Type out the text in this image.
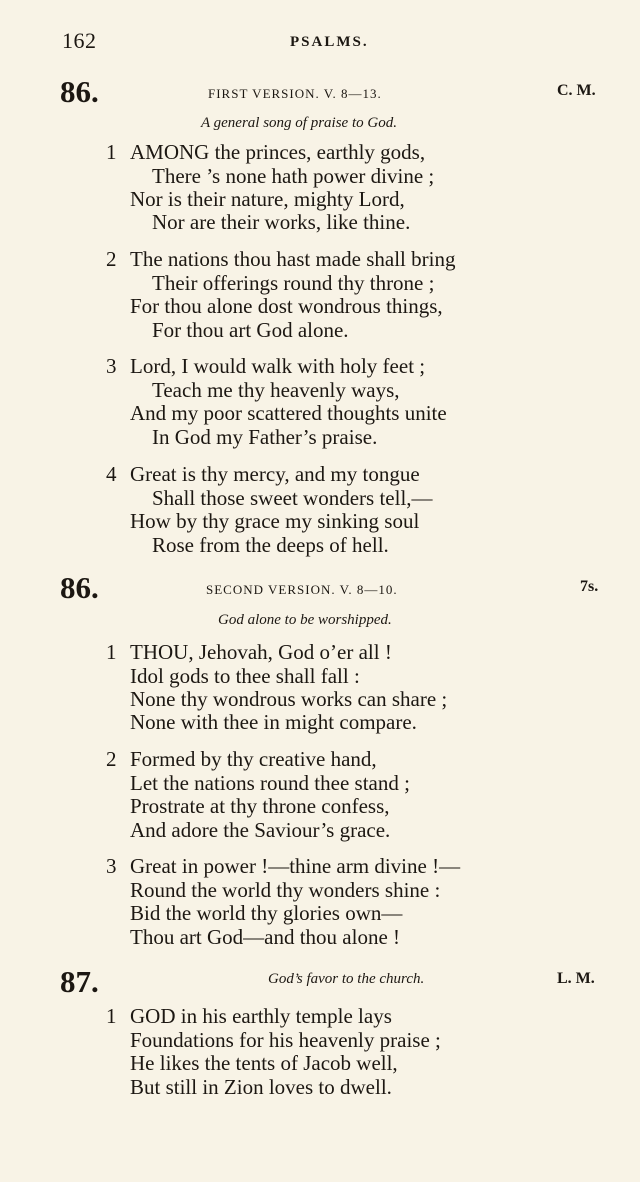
162	PSALMS.
86.	FIRST VERSION. V. 8—13.	C. M.
A general song of praise to God.
1 AMONG the princes, earthly gods,
There ’s none hath power divine ;
Nor is their nature, mighty Lord,
Nor are their works, like thine.
2 The nations thou hast made shall bring
Their offerings round thy throne ;
For thou alone dost wondrous things,
For thou art God alone.
3 Lord, I would walk with holy feet ;
Teach me thy heavenly ways,
And my poor scattered thoughts unite
In God my Father’s praise.
4 Great is thy mercy, and my tongue
Shall those sweet wonders tell,—
How by thy grace my sinking soul
Rose from the deeps of hell.
86.	SECOND VERSION. V. 8—10.	7s.
God alone to be worshipped.
1 THOU, Jehovah, God o’er all !
Idol gods to thee shall fall :
None thy wondrous works can share ;
None with thee in might compare.
2 Formed by thy creative hand,
Let the nations round thee stand ;
Prostrate at thy throne confess,
And adore the Saviour’s grace.
3 Great in power !—thine arm divine !—
Round the world thy wonders shine :
Bid the world thy glories own—
Thou art God—and thou alone !
87.	God’s favor to the church.	L. M.
1 GOD in his earthly temple lays
Foundations for his heavenly praise ;
He likes the tents of Jacob well,
But still in Zion loves to dwell.
